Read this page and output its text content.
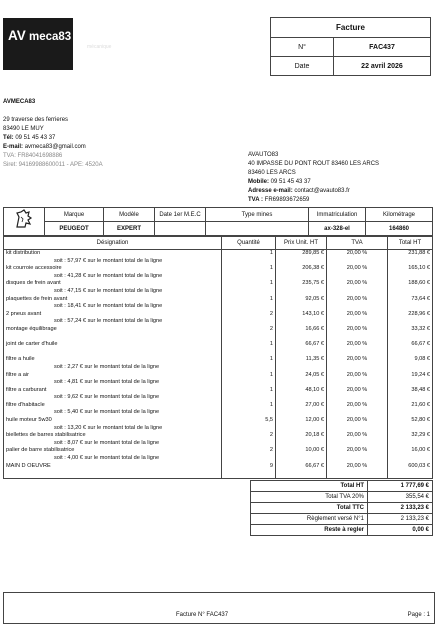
AV meca83
mécanique
Facture	
N°	FAC437
Date	22 avril 2026
AVMECA83
29 traverse des ferrieres
83490 LE MUY
Tél: 09 51 45 43 37
E-mail: avmeca83@gmail.com
TVA: FR84041698886
Siret: 94169988600011 - APE: 4520A
AVAUTO83
40 IMPASSE DU PONT ROUT 83460 LES ARCS
83460 LES ARCS
Mobile: 09 51 45 43 37
Adresse e-mail: contact@avauto83.fr
TVA : FR69893672659
	Marque	Modèle	Date 1er M.E.C	Type mines	Immatriculation	Kilométrage
	PEUGEOT	EXPERT			ax-328-el	164860
Désignation	Quantité	Prix Unit. HT	TVA	Total HT
kit distribution
soit : 57,97 € sur le montant total de la ligne	1	289,85 €	20,00 %	231,88 €
kit courroie accessoire
soit : 41,28 € sur le montant total de la ligne	1	206,38 €	20,00 %	165,10 €
disques de frein avant
soit : 47,15 € sur le montant total de la ligne	1	235,75 €	20,00 %	188,60 €
plaquettes de frein avant
soit : 18,41 € sur le montant total de la ligne	1	92,05 €	20,00 %	73,64 €
2 pneus avant
soit : 57,24 € sur le montant total de la ligne	2	143,10 €	20,00 %	228,96 €
montage équilibrage	2	16,66 €	20,00 %	33,32 €
joint de carter d'huile	1	66,67 €	20,00 %	66,67 €
filtre a huile
soit : 2,27 € sur le montant total de la ligne	1	11,35 €	20,00 %	9,08 €
filtre a air
soit : 4,81 € sur le montant total de la ligne	1	24,05 €	20,00 %	19,24 €
filtre a carburant
soit : 9,62 € sur le montant total de la ligne	1	48,10 €	20,00 %	38,48 €
filtre d'habitacle
soit : 5,40 € sur le montant total de la ligne	1	27,00 €	20,00 %	21,60 €
huile moteur 5w30
soit : 13,20 € sur le montant total de la ligne	5,5	12,00 €	20,00 %	52,80 €
biellettes de barres stabilisatrice
soit : 8,07 € sur le montant total de la ligne	2	20,18 €	20,00 %	32,29 €
palier de barre stabilisatrice
soit : 4,00 € sur le montant total de la ligne	2	10,00 €	20,00 %	16,00 €
MAIN D OEUVRE	9	66,67 €	20,00 %	600,03 €
Total HT	1 777,69 €
Total TVA 20%	355,54 €
Total TTC	2 133,23 €
Règlement versé N°1	2 133,23 €
Reste à regler	0,00 €
Facture N° FAC437	Page : 1
